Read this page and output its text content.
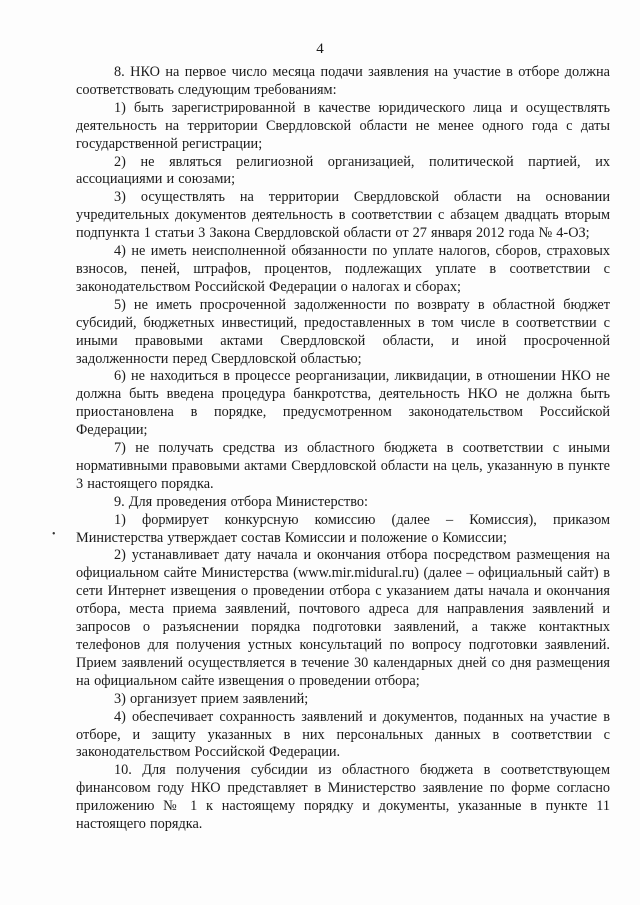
4
•

8. НКО на первое число месяца подачи заявления на участие в отборе должна соответствовать следующим требованиям:

1) быть зарегистрированной в качестве юридического лица и осуществлять деятельность на территории Свердловской области не менее одного года с даты государственной регистрации;

2) не являться религиозной организацией, политической партией, их ассоциациями и союзами;

3) осуществлять на территории Свердловской области на основании учредительных документов деятельность в соответствии с абзацем двадцать вторым подпункта 1 статьи 3 Закона Свердловской области от 27 января 2012 года № 4-ОЗ;

4) не иметь неисполненной обязанности по уплате налогов, сборов, страховых взносов, пеней, штрафов, процентов, подлежащих уплате в соответствии с законодательством Российской Федерации о налогах и сборах;

5) не иметь просроченной задолженности по возврату в областной бюджет субсидий, бюджетных инвестиций, предоставленных в том числе в соответствии с иными правовыми актами Свердловской области, и иной просроченной задолженности перед Свердловской областью;

6) не находиться в процессе реорганизации, ликвидации, в отношении НКО не должна быть введена процедура банкротства, деятельность НКО не должна быть приостановлена в порядке, предусмотренном законодательством Российской Федерации;

7) не получать средства из областного бюджета в соответствии с иными нормативными правовыми актами Свердловской области на цель, указанную в пункте 3 настоящего порядка.

9. Для проведения отбора Министерство:

1) формирует конкурсную комиссию (далее – Комиссия), приказом Министерства утверждает состав Комиссии и положение о Комиссии;

2) устанавливает дату начала и окончания отбора посредством размещения на официальном сайте Министерства (www.mir.midural.ru) (далее – официальный сайт) в сети Интернет извещения о проведении отбора с указанием даты начала и окончания отбора, места приема заявлений, почтового адреса для направления заявлений и запросов о разъяснении порядка подготовки заявлений, а также контактных телефонов для получения устных консультаций по вопросу подготовки заявлений. Прием заявлений осуществляется в течение 30 календарных дней со дня размещения на официальном сайте извещения о проведении отбора;

3) организует прием заявлений;

4) обеспечивает сохранность заявлений и документов, поданных на участие в отборе, и защиту указанных в них персональных данных в соответствии с законодательством Российской Федерации.

10. Для получения субсидии из областного бюджета в соответствующем финансовом году НКО представляет в Министерство заявление по форме согласно приложению № 1 к настоящему порядку и документы, указанные в пункте 11 настоящего порядка.
